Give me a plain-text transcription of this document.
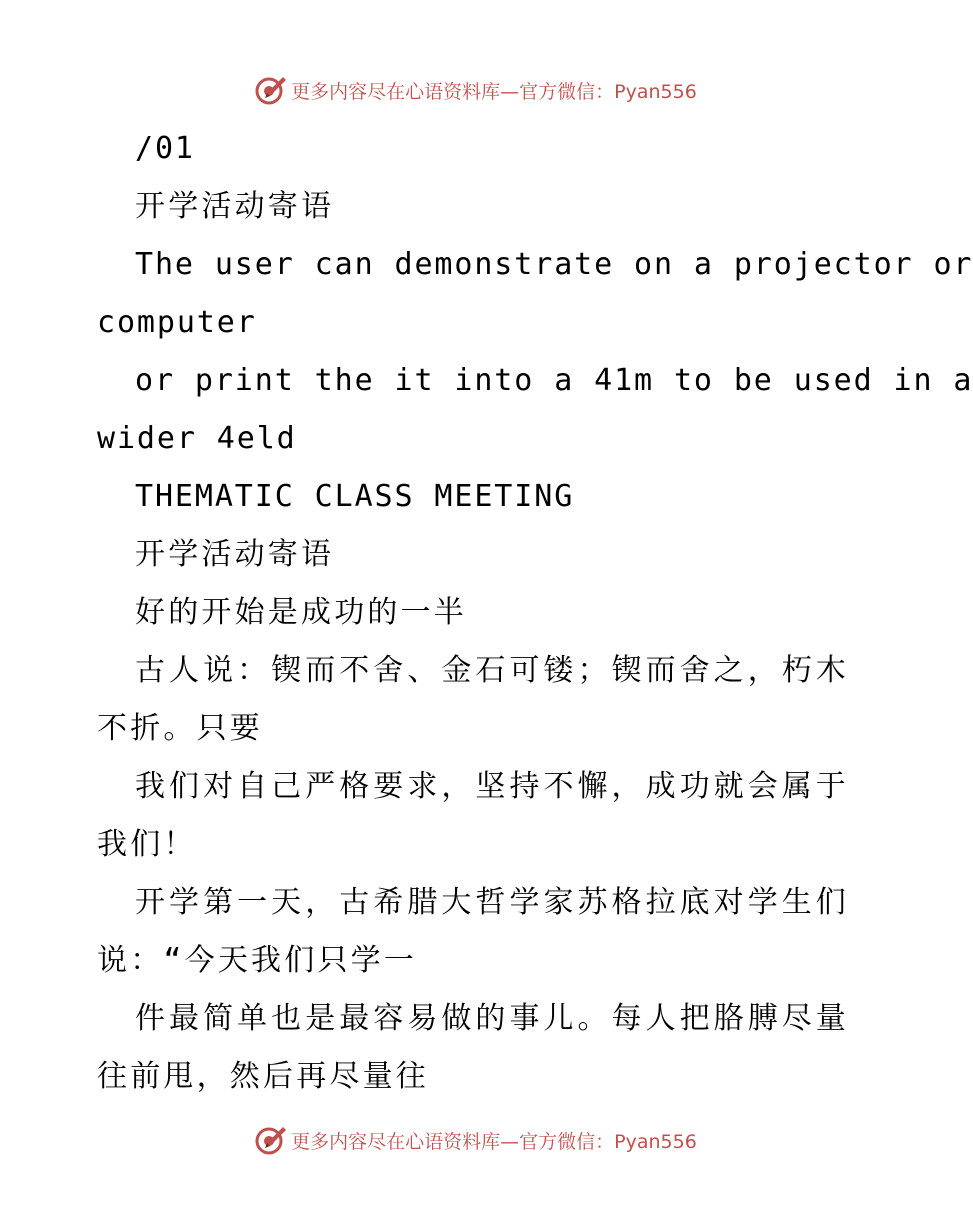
更多内容尽在心语资料库—官方微信：Pyan556

/01

开学活动寄语

The user can demonstrate on a projector or

computer

or print the it into a 41m to be used in a

wider 4eld

THEMATIC CLASS MEETING

开学活动寄语

好的开始是成功的一半

古人说：锲而不舍、金石可镂；锲而舍之，朽木

不折。只要

我们对自己严格要求，坚持不懈，成功就会属于

我们！

开学第一天，古希腊大哲学家苏格拉底对学生们

说：“今天我们只学一

件最简单也是最容易做的事儿。每人把胳膊尽量

往前甩，然后再尽量往

更多内容尽在心语资料库—官方微信：Pyan556
